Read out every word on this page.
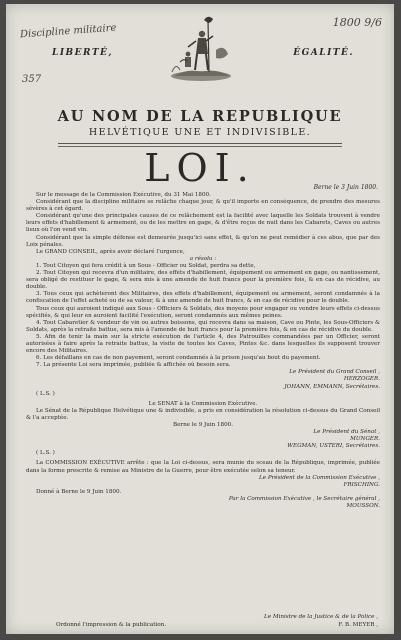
Discipline militaire
1800 9/6
357
LIBERTÉ,	ÉGALITÉ.
AU NOM DE LA REPUBLIQUE
HELVÉTIQUE UNE ET INDIVISIBLE.
LOI.	Berne le 3 Juin 1800.

Sur le message de la Commission Exécutive, du 31 Mai 1800.

Considérant que la discipline militaire se relâche chaque jour, & qu'il importe en conséquence, de prendre des mesures sévères à cet égard.

Considérant qu'une des principales causes de ce relâchement est la facilité avec laquelle les Soldats trouvent à vendre leurs effets d'habillement & armement, ou de les mettre en gage, & d'être reçus de nuit dans les Cabarets, Caves ou autres lieux où l'on vend vin.

Considérant que la simple défense est demeurée jusqu'ici sans effet, & qu'on ne peut remédier à ces abus, que par des Loix pénales.

Le GRAND CONSEIL, après avoir déclaré l'urgence,

a résolu :

1. Tout Citoyen qui fera crédit à un Sous - Officier ou Soldat, perdra sa dette,

2. Tout Citoyen qui recevra d'un militaire, des effets d'habillement, équipement ou armement en gage, ou nantissement, sera obligé de restituer le gage, & sera mis à une amende de huit francs pour la première fois, & en cas de récidive, au double.

3. Tous ceux qui achèteront des Militaires, des effets d'habillement, équipement ou armement, seront condamnés à la confiscation de l'effet acheté ou de sa valeur, & à une amende de huit francs, & en cas de récidive pour le double.

Tous ceux qui auroient indiqué aux Sous - Officiers & Soldats, des moyens pour engager ou vendre leurs effets ci-dessus spécifiés, & qui leur en auroient facilité l'exécution, seront condamnés aux mêmes peines.

4. Tout Cabaretier & vendeur de vin ou autres boissons, qui recevra dans sa maison, Cave ou Pinte, les Sous-Officiers & Soldats, après la retraite battue, sera mis à l'amende de huit francs pour la première fois, & en cas de récidive du double.

5. Afin de tenir la main sur la stricte exécution de l'article 4, des Patrouilles commandées par un Officier, seront autorisées à faire après la retraite battue, la visite de toutes les Caves, Pintes &c. dans lesquelles ils supposent trouver encore des Militaires.

6. Les défaillans en cas de non payement, seront condamnés à la prison jusqu'au bout du payement.

7. La présente Loi sera imprimée, publiée & affichée où besoin sera.

Le Président du Grand Conseil ,

HERZOGER.

JOHANN, EMMANN, Secrétaires.

( L.S. )

Le SENAT à la Commission Exécutive.

Le Sénat de la République Helvétique une & indivisible, a pris en considération la résolution ci-dessus du Grand Conseil & l'a acceptée.

Berne le 9 Juin 1800.

Le Président du Sénat ,

MUNGER.

WEGMAN, USTERI, Secrétaires.

( L.S. )

La COMMISSION EXÉCUTIVE arrête : que la Loi ci-dessus, sera munie du sceau de la République, imprimée, publiée dans la forme prescrite & remise au Ministre de la Guerre, pour être exécutée selon sa teneur.

Le Président de la Commission Exécutive ,

FRISCHING.

Donné à Berne le 9 Juin 1800.

Par la Commission Exécutive , le Secrétaire général ,

MOUSSON.

Ordonné l'impression & la publication.
Le Ministre de la Justice & de la Police ,
F. B. MEYER ,
